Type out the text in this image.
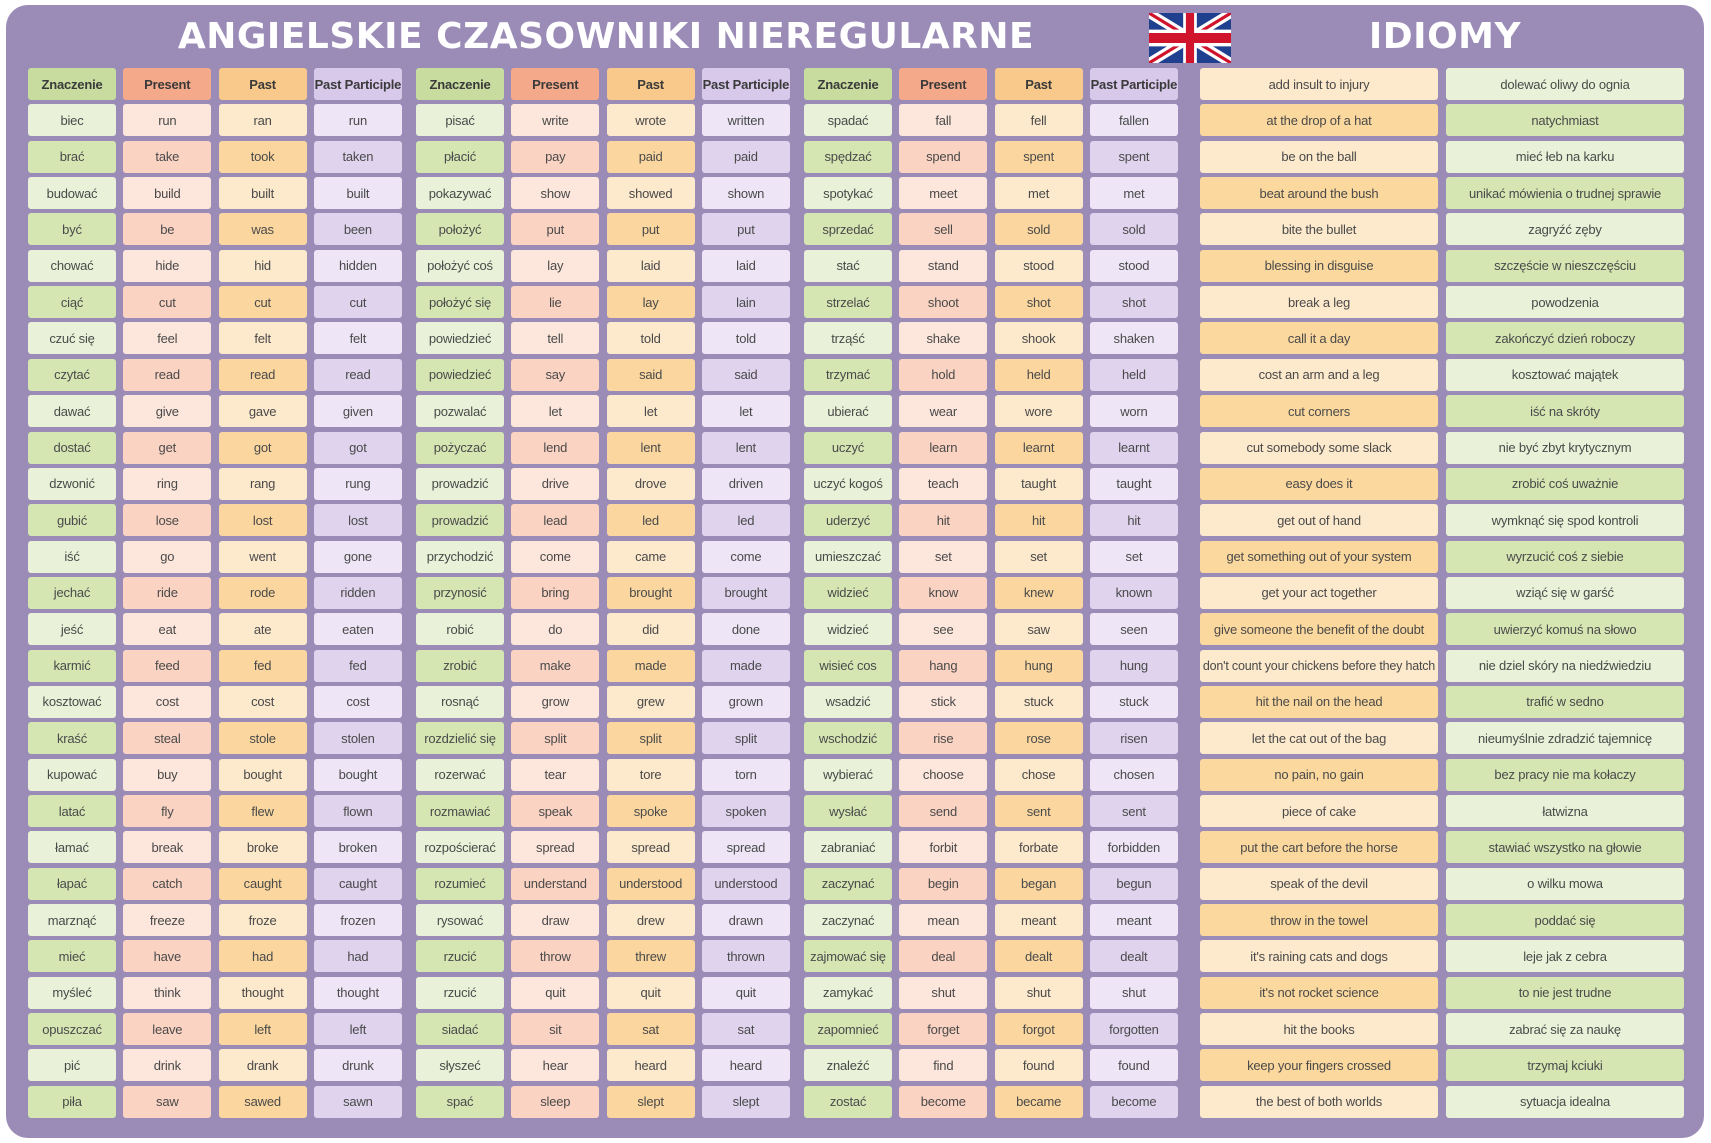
ANGIELSKIE CZASOWNIKI NIEREGULARNE	IDIOMY
Znaczenie	Present	Past	Past Participle
biec	run	ran	run
brać	take	took	taken
budować	build	built	built
być	be	was	been
chować	hide	hid	hidden
ciąć	cut	cut	cut
czuć się	feel	felt	felt
czytać	read	read	read
dawać	give	gave	given
dostać	get	got	got
dzwonić	ring	rang	rung
gubić	lose	lost	lost
iść	go	went	gone
jechać	ride	rode	ridden
jeść	eat	ate	eaten
karmić	feed	fed	fed
kosztować	cost	cost	cost
kraść	steal	stole	stolen
kupować	buy	bought	bought
latać	fly	flew	flown
łamać	break	broke	broken
łapać	catch	caught	caught
marznąć	freeze	froze	frozen
mieć	have	had	had
myśleć	think	thought	thought
opuszczać	leave	left	left
pić	drink	drank	drunk
piła	saw	sawed	sawn
Znaczenie	Present	Past	Past Participle
pisać	write	wrote	written
płacić	pay	paid	paid
pokazywać	show	showed	shown
położyć	put	put	put
położyć coś	lay	laid	laid
położyć się	lie	lay	lain
powiedzieć	tell	told	told
powiedzieć	say	said	said
pozwalać	let	let	let
pożyczać	lend	lent	lent
prowadzić	drive	drove	driven
prowadzić	lead	led	led
przychodzić	come	came	come
przynosić	bring	brought	brought
robić	do	did	done
zrobić	make	made	made
rosnąć	grow	grew	grown
rozdzielić się	split	split	split
rozerwać	tear	tore	torn
rozmawiać	speak	spoke	spoken
rozpościerać	spread	spread	spread
rozumieć	understand	understood	understood
rysować	draw	drew	drawn
rzucić	throw	threw	thrown
rzucić	quit	quit	quit
siadać	sit	sat	sat
słyszeć	hear	heard	heard
spać	sleep	slept	slept
Znaczenie	Present	Past	Past Participle
spadać	fall	fell	fallen
spędzać	spend	spent	spent
spotykać	meet	met	met
sprzedać	sell	sold	sold
stać	stand	stood	stood
strzelać	shoot	shot	shot
trząść	shake	shook	shaken
trzymać	hold	held	held
ubierać	wear	wore	worn
uczyć	learn	learnt	learnt
uczyć kogoś	teach	taught	taught
uderzyć	hit	hit	hit
umieszczać	set	set	set
widzieć	know	knew	known
widzieć	see	saw	seen
wisieć cos	hang	hung	hung
wsadzić	stick	stuck	stuck
wschodzić	rise	rose	risen
wybierać	choose	chose	chosen
wysłać	send	sent	sent
zabraniać	forbit	forbate	forbidden
zaczynać	begin	began	begun
zaczynać	mean	meant	meant
zajmować się	deal	dealt	dealt
zamykać	shut	shut	shut
zapomnieć	forget	forgot	forgotten
znaleźć	find	found	found
zostać	become	became	become
add insult to injury	dolewać oliwy do ognia
at the drop of a hat	natychmiast
be on the ball	mieć łeb na karku
beat around the bush	unikać mówienia o trudnej sprawie
bite the bullet	zagryźć zęby
blessing in disguise	szczęście w nieszczęściu
break a leg	powodzenia
call it a day	zakończyć dzień roboczy
cost an arm and a leg	kosztować majątek
cut corners	iść na skróty
cut somebody some slack	nie być zbyt krytycznym
easy does it	zrobić coś uważnie
get out of hand	wymknąć się spod kontroli
get something out of your system	wyrzucić coś z siebie
get your act together	wziąć się w garść
give someone the benefit of the doubt	uwierzyć komuś na słowo
don't count your chickens before they hatch	nie dziel skóry na niedźwiedziu
hit the nail on the head	trafić w sedno
let the cat out of the bag	nieumyślnie zdradzić tajemnicę
no pain, no gain	bez pracy nie ma kołaczy
piece of cake	łatwizna
put the cart before the horse	stawiać wszystko na głowie
speak of the devil	o wilku mowa
throw in the towel	poddać się
it's raining cats and dogs	leje jak z cebra
it's not rocket science	to nie jest trudne
hit the books	zabrać się za naukę
keep your fingers crossed	trzymaj kciuki
the best of both worlds	sytuacja idealna
